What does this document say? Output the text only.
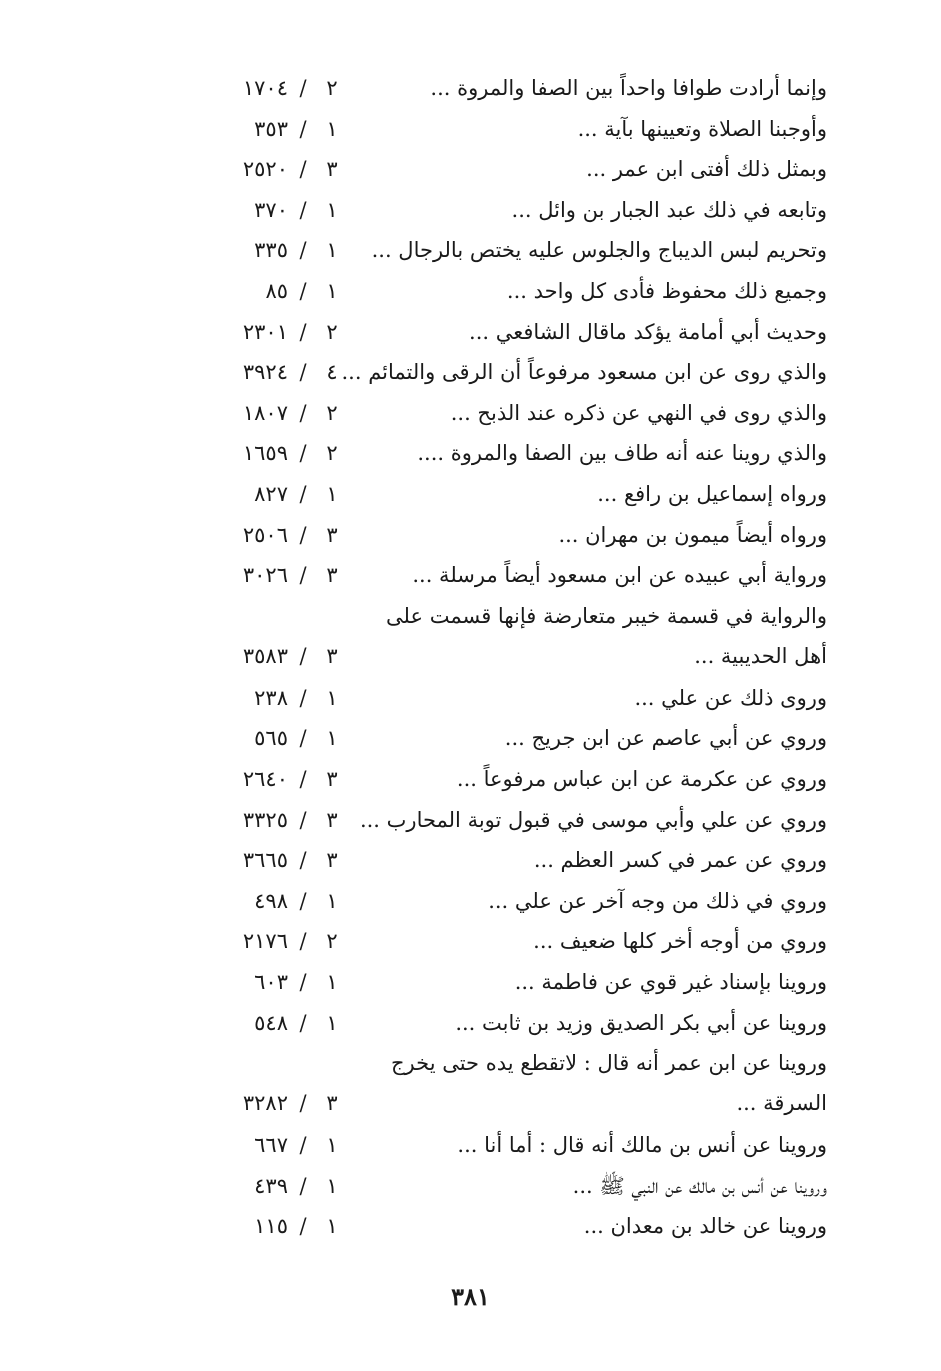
وإنما أرادت طوافا واحداً بين الصفا والمروة ...
٢
/
١٧٠٤
وأوجبنا الصلاة وتعيينها بآية ...
١
/
٣٥٣
وبمثل ذلك أفتى ابن عمر ...
٣
/
٢٥٢٠
وتابعه في ذلك عبد الجبار بن وائل ...
١
/
٣٧٠
وتحريم لبس الديباج والجلوس عليه يختص بالرجال ...
١
/
٣٣٥
وجميع ذلك محفوظ فأدى كل واحد ...
١
/
٨٥
وحديث أبي أمامة يؤكد ماقال الشافعي ...
٢
/
٢٣٠١
والذي روى عن ابن مسعود مرفوعاً أن الرقى والتمائم ...
٤
/
٣٩٢٤
والذي روى في النهي عن ذكره عند الذبح ...
٢
/
١٨٠٧
والذي روينا عنه أنه طاف بين الصفا والمروة ....
٢
/
١٦٥٩
ورواه إسماعيل بن رافع ...
١
/
٨٢٧
ورواه أيضاً ميمون بن مهران ...
٣
/
٢٥٠٦
ورواية أبي عبيده عن ابن مسعود أيضاً مرسلة ...
٣
/
٣٠٢٦
والرواية في قسمة خيبر متعارضة فإنها قسمت على أهل الحديبية ...
٣
/
٣٥٨٣
وروى ذلك عن علي ...
١
/
٢٣٨
وروي عن أبي عاصم عن ابن جريج ...
١
/
٥٦٥
وروي عن عكرمة عن ابن عباس مرفوعاً ...
٣
/
٢٦٤٠
وروي عن علي وأبي موسى في قبول توبة المحارب ...
٣
/
٣٣٢٥
وروي عن عمر في كسر العظم ...
٣
/
٣٦٦٥
وروي في ذلك من وجه آخر عن علي ...
١
/
٤٩٨
وروي من أوجه أخر كلها ضعيف ...
٢
/
٢١٧٦
وروينا بإسناد غير قوي عن فاطمة ...
١
/
٦٠٣
وروينا عن أبي بكر الصديق وزيد بن ثابت ...
١
/
٥٤٨
وروينا عن ابن عمر أنه قال : لاتقطع يده حتى يخرج السرقة ...
٣
/
٣٢٨٢
وروينا عن أنس بن مالك أنه قال : أما أنا ...
١
/
٦٦٧
وروينا عن أنس بن مالك عن النبي ﷺ ...
١
/
٤٣٩
وروينا عن خالد بن معدان ...
١
/
١١٥
٣٨١
